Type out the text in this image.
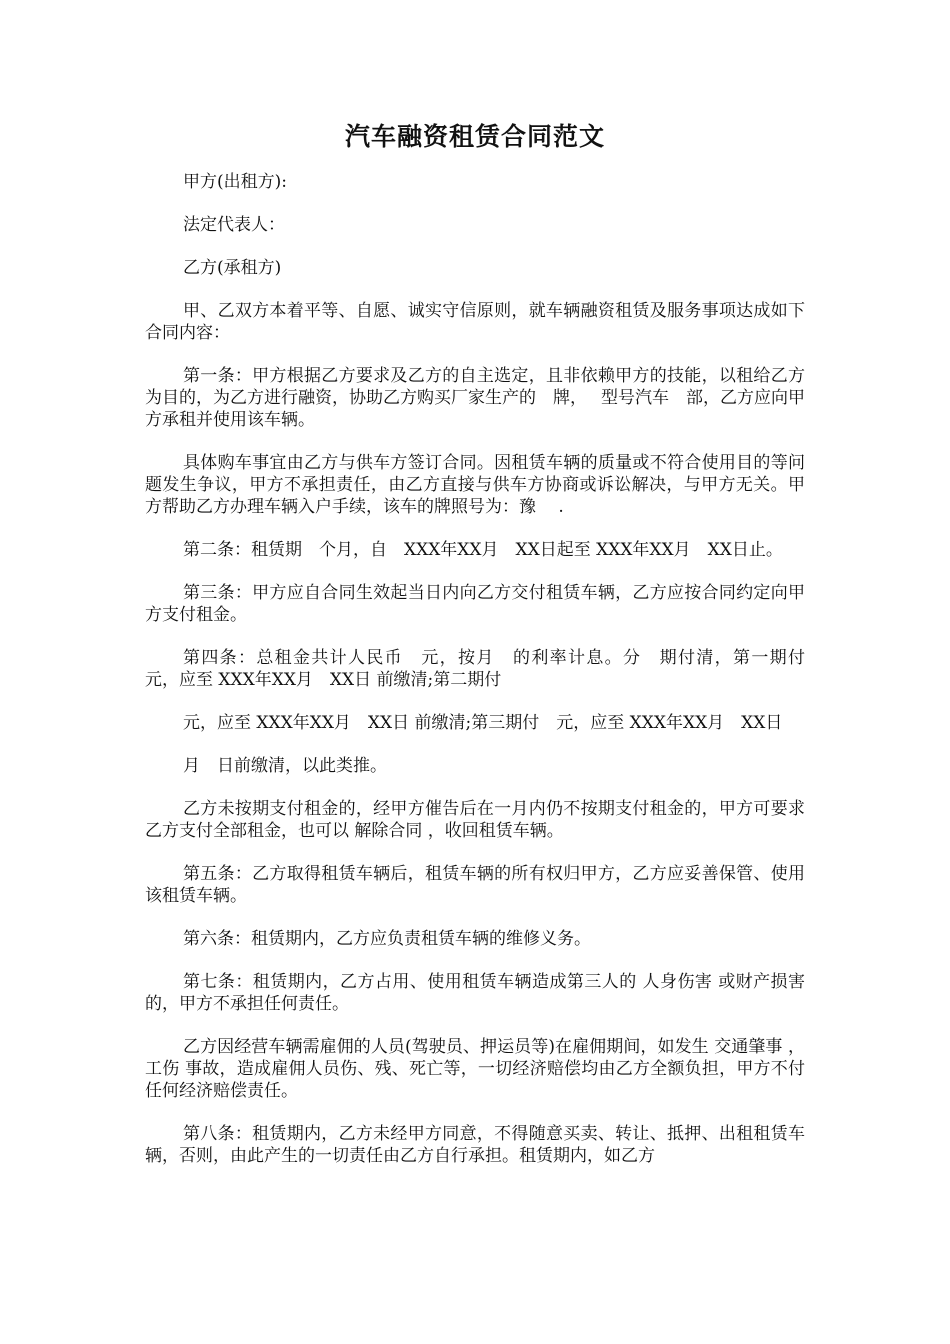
汽车融资租赁合同范文

甲方(出租方):

法定代表人：

乙方(承租方)

甲、乙双方本着平等、自愿、诚实守信原则，就车辆融资租赁及服务事项达成如下合同内容：

第一条：甲方根据乙方要求及乙方的自主选定，且非依赖甲方的技能，以租给乙方为目的，为乙方进行融资，协助乙方购买厂家生产的　牌，　 型号汽车　部，乙方应向甲方承租并使用该车辆。

具体购车事宜由乙方与供车方签订合同。因租赁车辆的质量或不符合使用目的等问题发生争议，甲方不承担责任，由乙方直接与供车方协商或诉讼解决，与甲方无关。甲方帮助乙方办理车辆入户手续，该车的牌照号为：豫　 .

第二条：租赁期　个月，自　XXX年XX月　XX日起至 XXX年XX月　XX日止。

第三条：甲方应自合同生效起当日内向乙方交付租赁车辆，乙方应按合同约定向甲方支付租金。

第四条：总租金共计人民币　元，按月　的利率计息。分　期付清，第一期付　元，应至 XXX年XX月　XX日 前缴清;第二期付

元，应至 XXX年XX月　XX日 前缴清;第三期付　元，应至 XXX年XX月　XX日

月　日前缴清，以此类推。

乙方未按期支付租金的，经甲方催告后在一月内仍不按期支付租金的，甲方可要求乙方支付全部租金，也可以 解除合同 ，收回租赁车辆。

第五条：乙方取得租赁车辆后，租赁车辆的所有权归甲方，乙方应妥善保管、使用该租赁车辆。

第六条：租赁期内，乙方应负责租赁车辆的维修义务。

第七条：租赁期内，乙方占用、使用租赁车辆造成第三人的 人身伤害 或财产损害的，甲方不承担任何责任。

乙方因经营车辆需雇佣的人员(驾驶员、押运员等)在雇佣期间，如发生 交通肇事 ， 工伤 事故，造成雇佣人员伤、残、死亡等，一切经济赔偿均由乙方全额负担，甲方不付任何经济赔偿责任。

第八条：租赁期内，乙方未经甲方同意，不得随意买卖、转让、抵押、出租租赁车辆，否则，由此产生的一切责任由乙方自行承担。租赁期内，如乙方
